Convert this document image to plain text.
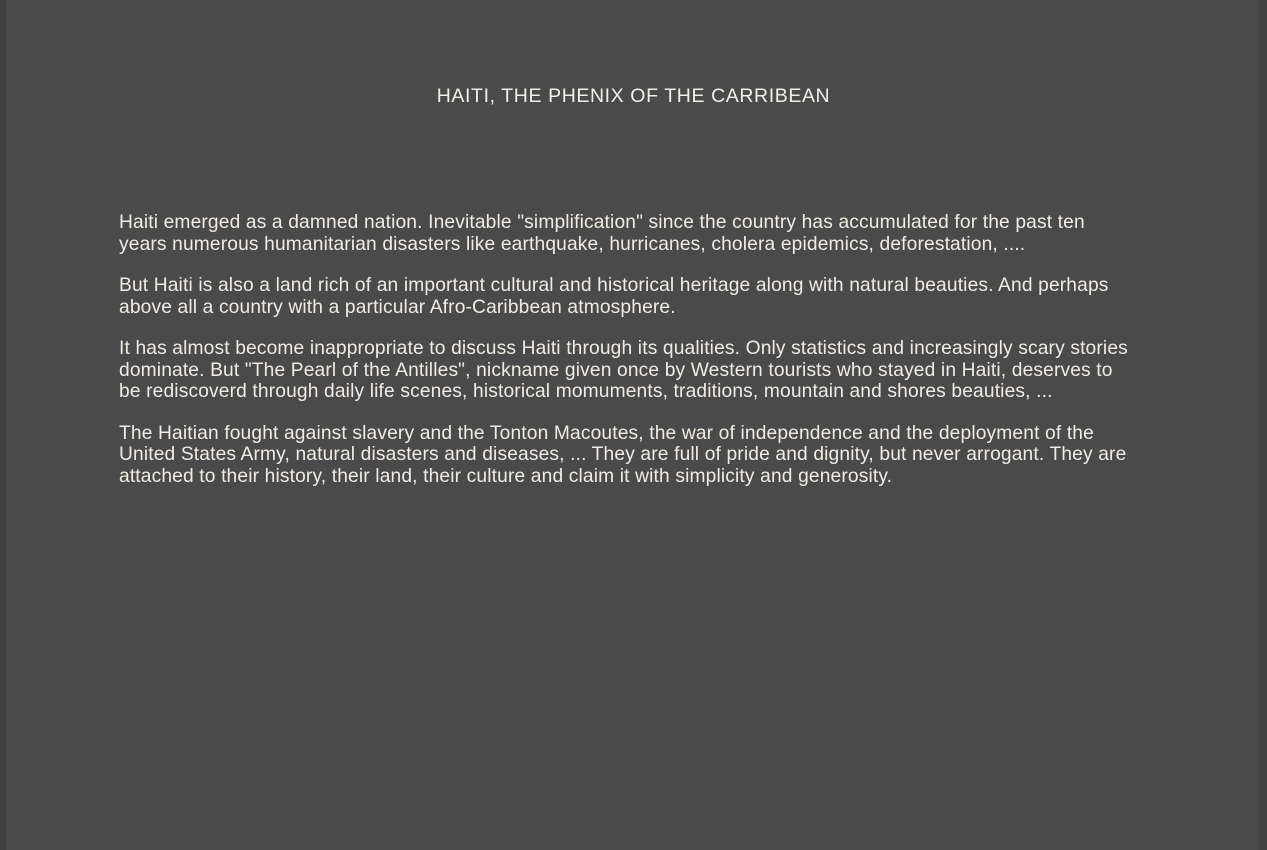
HAITI, THE PHENIX OF THE CARRIBEAN

Haiti emerged as a damned nation. Inevitable "simplification" since the country has accumulated for the past ten years numerous humanitarian disasters like earthquake, hurricanes, cholera epidemics, deforestation, ....

But Haiti is also a land rich of an important cultural and historical heritage along with natural beauties. And perhaps above all a country with a particular Afro-Caribbean atmosphere.

It has almost become inappropriate to discuss Haiti through its qualities. Only statistics and increasingly scary stories dominate. But "The Pearl of the Antilles", nickname given once by Western tourists who stayed in Haiti, deserves to be rediscoverd through daily life scenes, historical momuments, traditions, mountain and shores beauties, ...

The Haitian fought against slavery and the Tonton Macoutes, the war of independence and the deployment of the United States Army, natural disasters and diseases, ... They are full of pride and dignity, but never arrogant. They are attached to their history, their land, their culture and claim it with simplicity and generosity.
